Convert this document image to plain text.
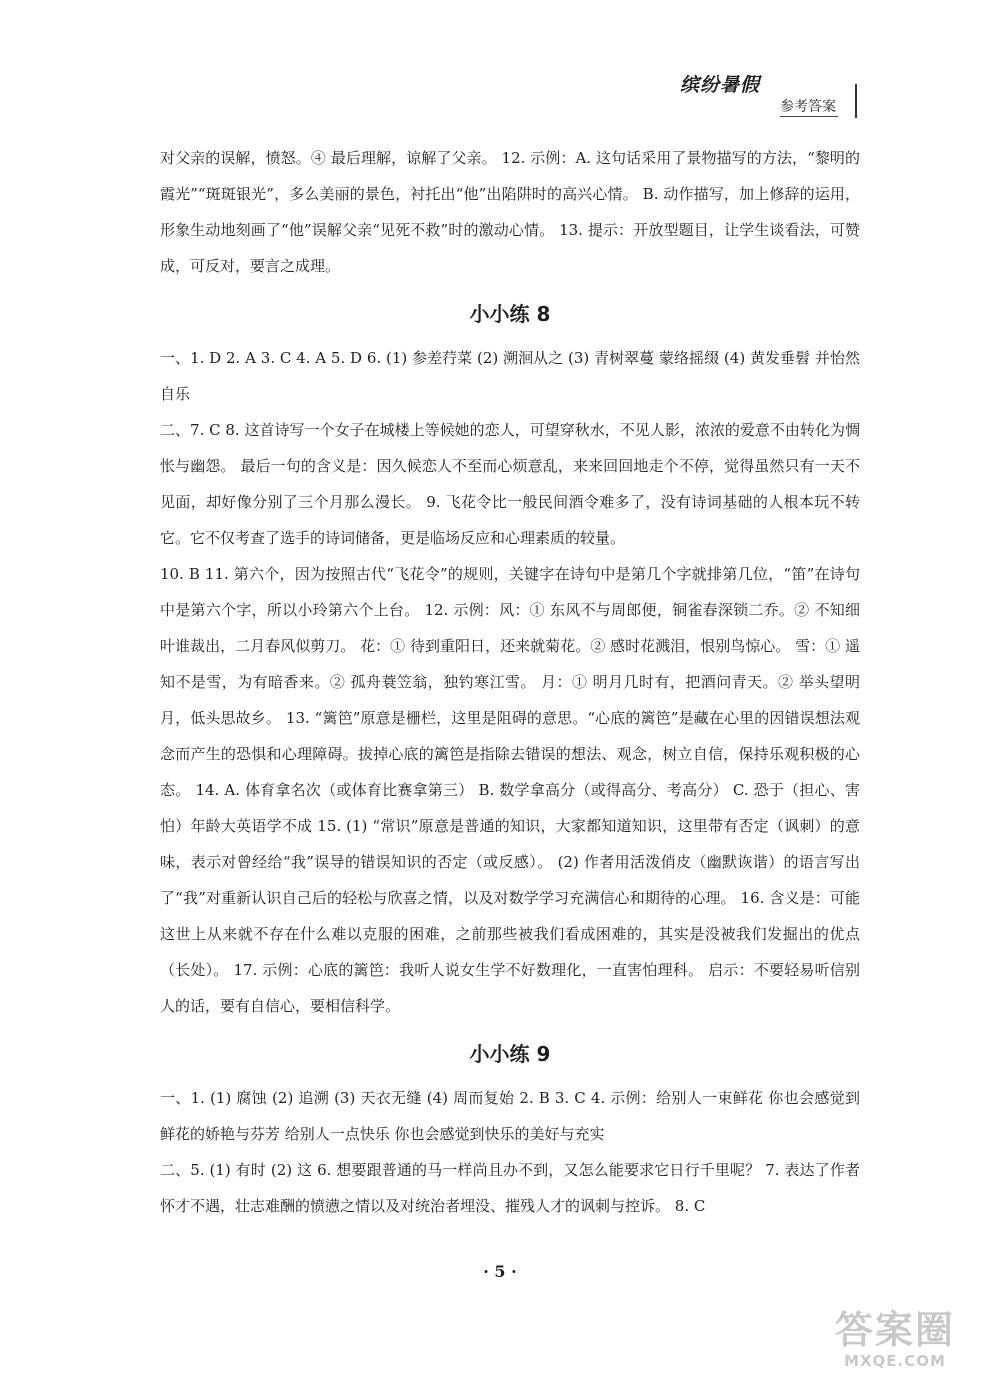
缤纷暑假
参考答案

对父亲的误解，愤怒。④ 最后理解，谅解了父亲。 12. 示例：A. 这句话采用了景物描写的方法，“黎明的霞光”“斑斑银光”，多么美丽的景色，衬托出“他”出陷阱时的高兴心情。 B. 动作描写，加上修辞的运用，形象生动地刻画了“他”误解父亲“见死不救”时的激动心情。 13. 提示：开放型题目，让学生谈看法，可赞成，可反对，要言之成理。

小小练 8

一、1. D 2. A 3. C 4. A 5. D 6. (1) 参差荇菜 (2) 溯洄从之 (3) 青树翠蔓 蒙络摇缀 (4) 黄发垂髫 并怡然自乐

二、7. C 8. 这首诗写一个女子在城楼上等候她的恋人，可望穿秋水，不见人影，浓浓的爱意不由转化为惆怅与幽怨。 最后一句的含义是：因久候恋人不至而心烦意乱，来来回回地走个不停，觉得虽然只有一天不见面，却好像分别了三个月那么漫长。 9. 飞花令比一般民间酒令难多了，没有诗词基础的人根本玩不转它。它不仅考查了选手的诗词储备，更是临场反应和心理素质的较量。

10. B 11. 第六个，因为按照古代“飞花令”的规则，关键字在诗句中是第几个字就排第几位，“笛”在诗句中是第六个字，所以小玲第六个上台。 12. 示例：风：① 东风不与周郎便，铜雀春深锁二乔。② 不知细叶谁裁出，二月春风似剪刀。 花：① 待到重阳日，还来就菊花。② 感时花溅泪，恨别鸟惊心。 雪：① 遥知不是雪，为有暗香来。② 孤舟蓑笠翁，独钓寒江雪。 月：① 明月几时有，把酒问青天。② 举头望明月，低头思故乡。 13. “篱笆”原意是栅栏，这里是阻碍的意思。“心底的篱笆”是藏在心里的因错误想法观念而产生的恐惧和心理障碍。拔掉心底的篱笆是指除去错误的想法、观念，树立自信，保持乐观积极的心态。 14. A. 体育拿名次（或体育比赛拿第三） B. 数学拿高分（或得高分、考高分） C. 恐于（担心、害怕）年龄大英语学不成 15. (1) “常识”原意是普通的知识，大家都知道知识，这里带有否定（讽刺）的意味，表示对曾经给“我”误导的错误知识的否定（或反感）。 (2) 作者用活泼俏皮（幽默诙谐）的语言写出了“我”对重新认识自己后的轻松与欣喜之情，以及对数学学习充满信心和期待的心理。 16. 含义是：可能这世上从来就不存在什么难以克服的困难，之前那些被我们看成困难的，其实是没被我们发掘出的优点（长处）。 17. 示例：心底的篱笆：我听人说女生学不好数理化，一直害怕理科。 启示：不要轻易听信别人的话，要有自信心，要相信科学。

小小练 9

一、1. (1) 腐蚀 (2) 追溯 (3) 天衣无缝 (4) 周而复始 2. B 3. C 4. 示例：给别人一束鲜花 你也会感觉到鲜花的娇艳与芬芳 给别人一点快乐 你也会感觉到快乐的美好与充实

二、5. (1) 有时 (2) 这 6. 想要跟普通的马一样尚且办不到，又怎么能要求它日行千里呢？ 7. 表达了作者怀才不遇，壮志难酬的愤懑之情以及对统治者埋没、摧残人才的讽刺与控诉。 8. C

· 5 ·
答案圈
MXQE.COM
